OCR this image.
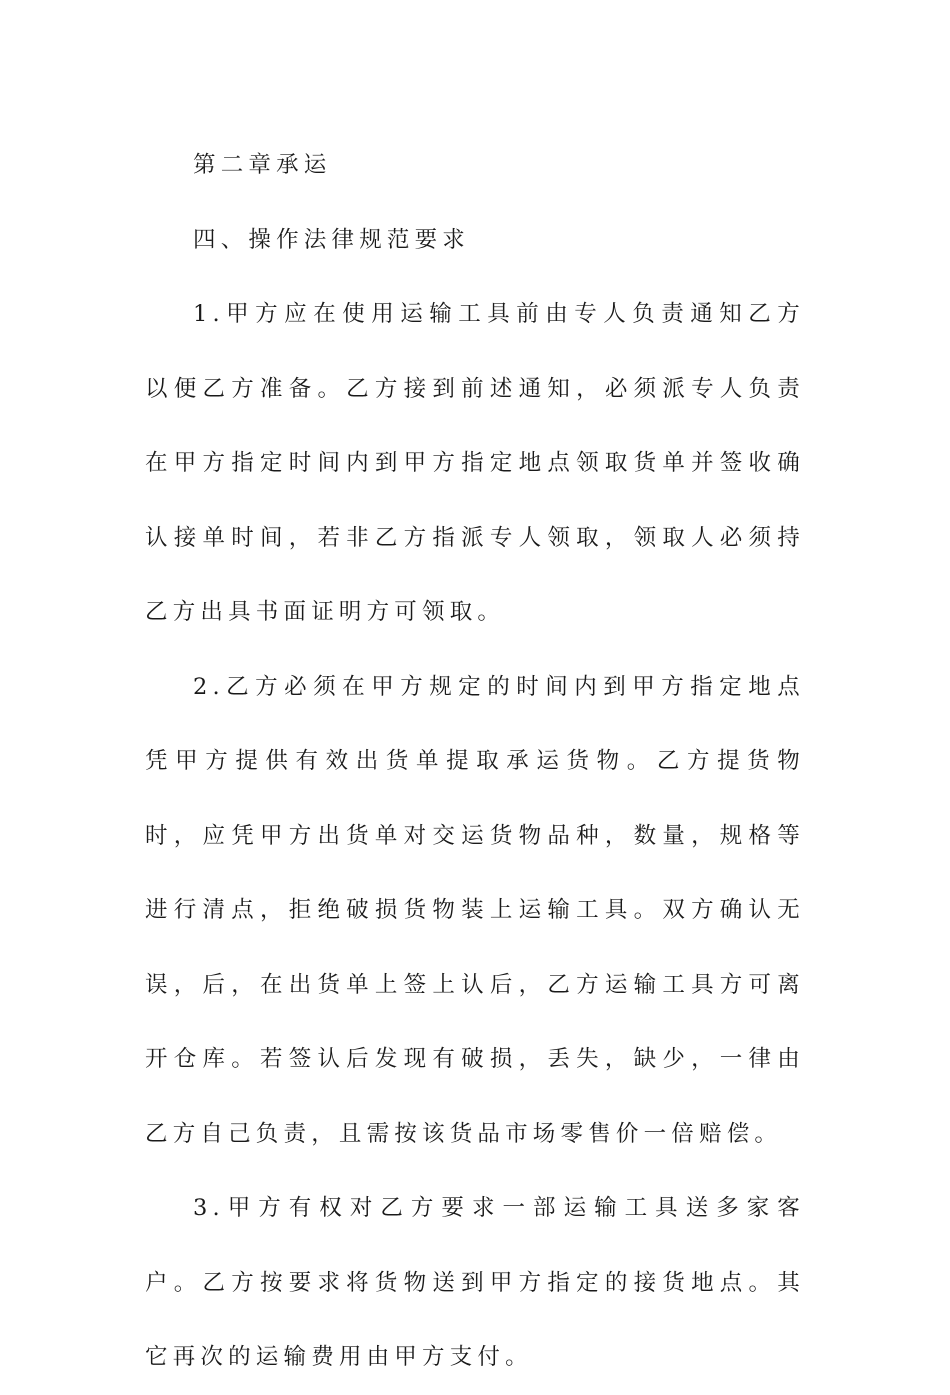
第二章承运

四、操作法律规范要求

1.甲方应在使用运输工具前由专人负责通知乙方以便乙方准备。乙方接到前述通知，必须派专人负责在甲方指定时间内到甲方指定地点领取货单并签收确认接单时间，若非乙方指派专人领取，领取人必须持乙方出具书面证明方可领取。

2.乙方必须在甲方规定的时间内到甲方指定地点凭甲方提供有效出货单提取承运货物。乙方提货物时，应凭甲方出货单对交运货物品种，数量，规格等进行清点，拒绝破损货物装上运输工具。双方确认无误，后，在出货单上签上认后，乙方运输工具方可离开仓库。若签认后发现有破损，丢失，缺少，一律由乙方自己负责，且需按该货品市场零售价一倍赔偿。

3.甲方有权对乙方要求一部运输工具送多家客户。乙方按要求将货物送到甲方指定的接货地点。其它再次的运输费用由甲方支付。
